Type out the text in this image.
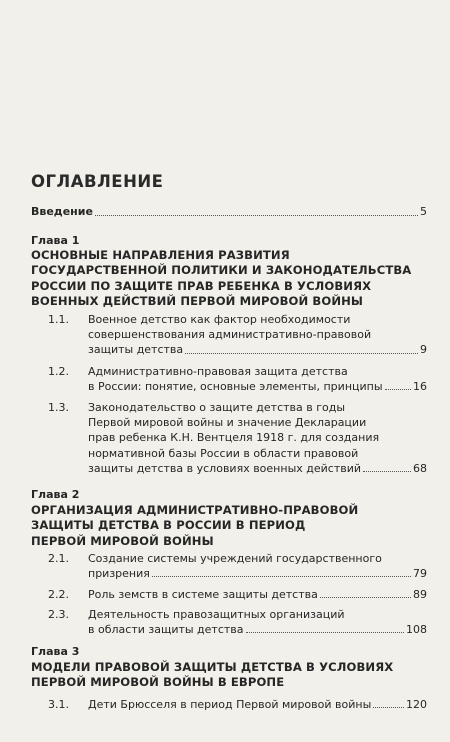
ОГЛАВЛЕНИЕ
Введение	5
Глава 1
ОСНОВНЫЕ НАПРАВЛЕНИЯ РАЗВИТИЯ
ГОСУДАРСТВЕННОЙ ПОЛИТИКИ И ЗАКОНОДАТЕЛЬСТВА
РОССИИ ПО ЗАЩИТЕ ПРАВ РЕБЕНКА В УСЛОВИЯХ
ВОЕННЫХ ДЕЙСТВИЙ ПЕРВОЙ МИРОВОЙ ВОЙНЫ
1.1. Военное детство как фактор необходимости
совершенствования административно-правовой
защиты детства	9
1.2. Административно-правовая защита детства
в России: понятие, основные элементы, принципы	16
1.3. Законодательство о защите детства в годы
Первой мировой войны и значение Декларации
прав ребенка К.Н. Вентцеля 1918 г. для создания
нормативной базы России в области правовой
защиты детства в условиях военных действий	68
Глава 2
ОРГАНИЗАЦИЯ АДМИНИСТРАТИВНО-ПРАВОВОЙ
ЗАЩИТЫ ДЕТСТВА В РОССИИ В ПЕРИОД
ПЕРВОЙ МИРОВОЙ ВОЙНЫ
2.1. Создание системы учреждений государственного
призрения	79
2.2. Роль земств в системе защиты детства	89
2.3. Деятельность правозащитных организаций
в области защиты детства	108
Глава 3
МОДЕЛИ ПРАВОВОЙ ЗАЩИТЫ ДЕТСТВА В УСЛОВИЯХ
ПЕРВОЙ МИРОВОЙ ВОЙНЫ В ЕВРОПЕ
3.1. Дети Брюсселя в период Первой мировой войны	120
